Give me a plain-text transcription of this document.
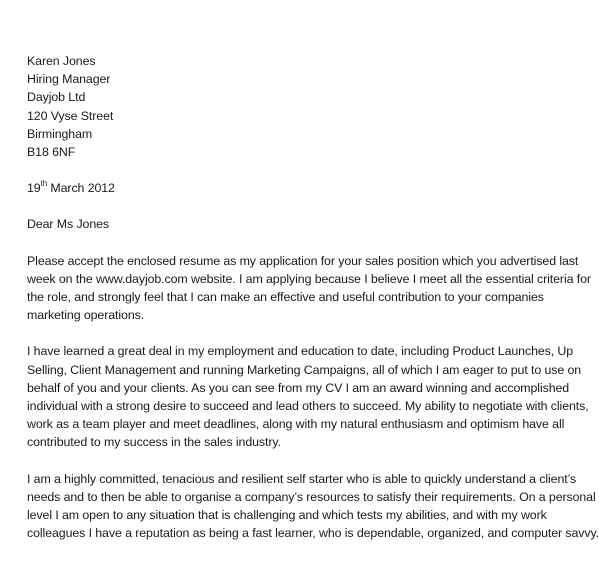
Karen Jones
Hiring Manager
Dayjob Ltd
120 Vyse Street
Birmingham
B18 6NF
19th March 2012
Dear Ms Jones
Please accept the enclosed resume as my application for your sales position which you advertised last
week on the www.dayjob.com website. I am applying because I believe I meet all the essential criteria for
the role, and strongly feel that I can make an effective and useful contribution to your companies
marketing operations.
I have learned a great deal in my employment and education to date, including Product Launches, Up
Selling, Client Management and running Marketing Campaigns, all of which I am eager to put to use on
behalf of you and your clients. As you can see from my CV I am an award winning and accomplished
individual with a strong desire to succeed and lead others to succeed. My ability to negotiate with clients,
work as a team player and meet deadlines, along with my natural enthusiasm and optimism have all
contributed to my success in the sales industry.
I am a highly committed, tenacious and resilient self starter who is able to quickly understand a client’s
needs and to then be able to organise a company’s resources to satisfy their requirements. On a personal
level I am open to any situation that is challenging and which tests my abilities, and with my work
colleagues I have a reputation as being a fast learner, who is dependable, organized, and computer savvy.
